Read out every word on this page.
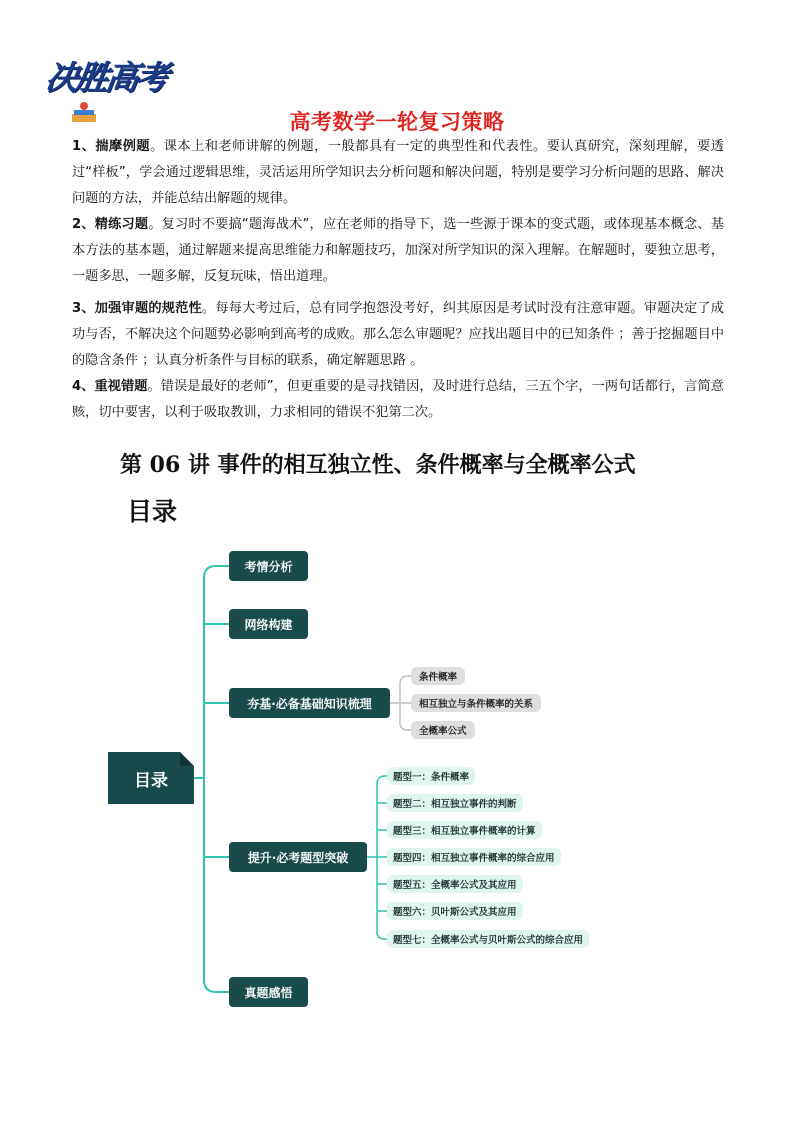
决胜高考
高考数学一轮复习策略

1、揣摩例题。课本上和老师讲解的例题，一般都具有一定的典型性和代表性。要认真研究，深刻理解，要透过“样板”，学会通过逻辑思维，灵活运用所学知识去分析问题和解决问题，特别是要学习分析问题的思路、解决问题的方法，并能总结出解题的规律。

2、精练习题。复习时不要搞“题海战术”，应在老师的指导下，选一些源于课本的变式题，或体现基本概念、基本方法的基本题，通过解题来提高思维能力和解题技巧，加深对所学知识的深入理解。在解题时，要独立思考，一题多思，一题多解，反复玩味，悟出道理。

3、加强审题的规范性。每每大考过后，总有同学抱怨没考好，纠其原因是考试时没有注意审题。审题决定了成功与否，不解决这个问题势必影响到高考的成败。那么怎么审题呢？应找出题目中的已知条件 ；善于挖掘题目中的隐含条件 ；认真分析条件与目标的联系，确定解题思路 。

4、重视错题。错误是最好的老师”，但更重要的是寻找错因，及时进行总结，三五个字，一两句话都行，言简意赅，切中要害，以利于吸取教训，力求相同的错误不犯第二次。

第 06 讲 事件的相互独立性、条件概率与全概率公式
目录
目录
考情分析
网络构建
夯基·必备基础知识梳理
提升·必考题型突破
真题感悟
条件概率
相互独立与条件概率的关系
全概率公式
题型一：条件概率
题型二：相互独立事件的判断
题型三：相互独立事件概率的计算
题型四：相互独立事件概率的综合应用
题型五：全概率公式及其应用
题型六：贝叶斯公式及其应用
题型七：全概率公式与贝叶斯公式的综合应用
